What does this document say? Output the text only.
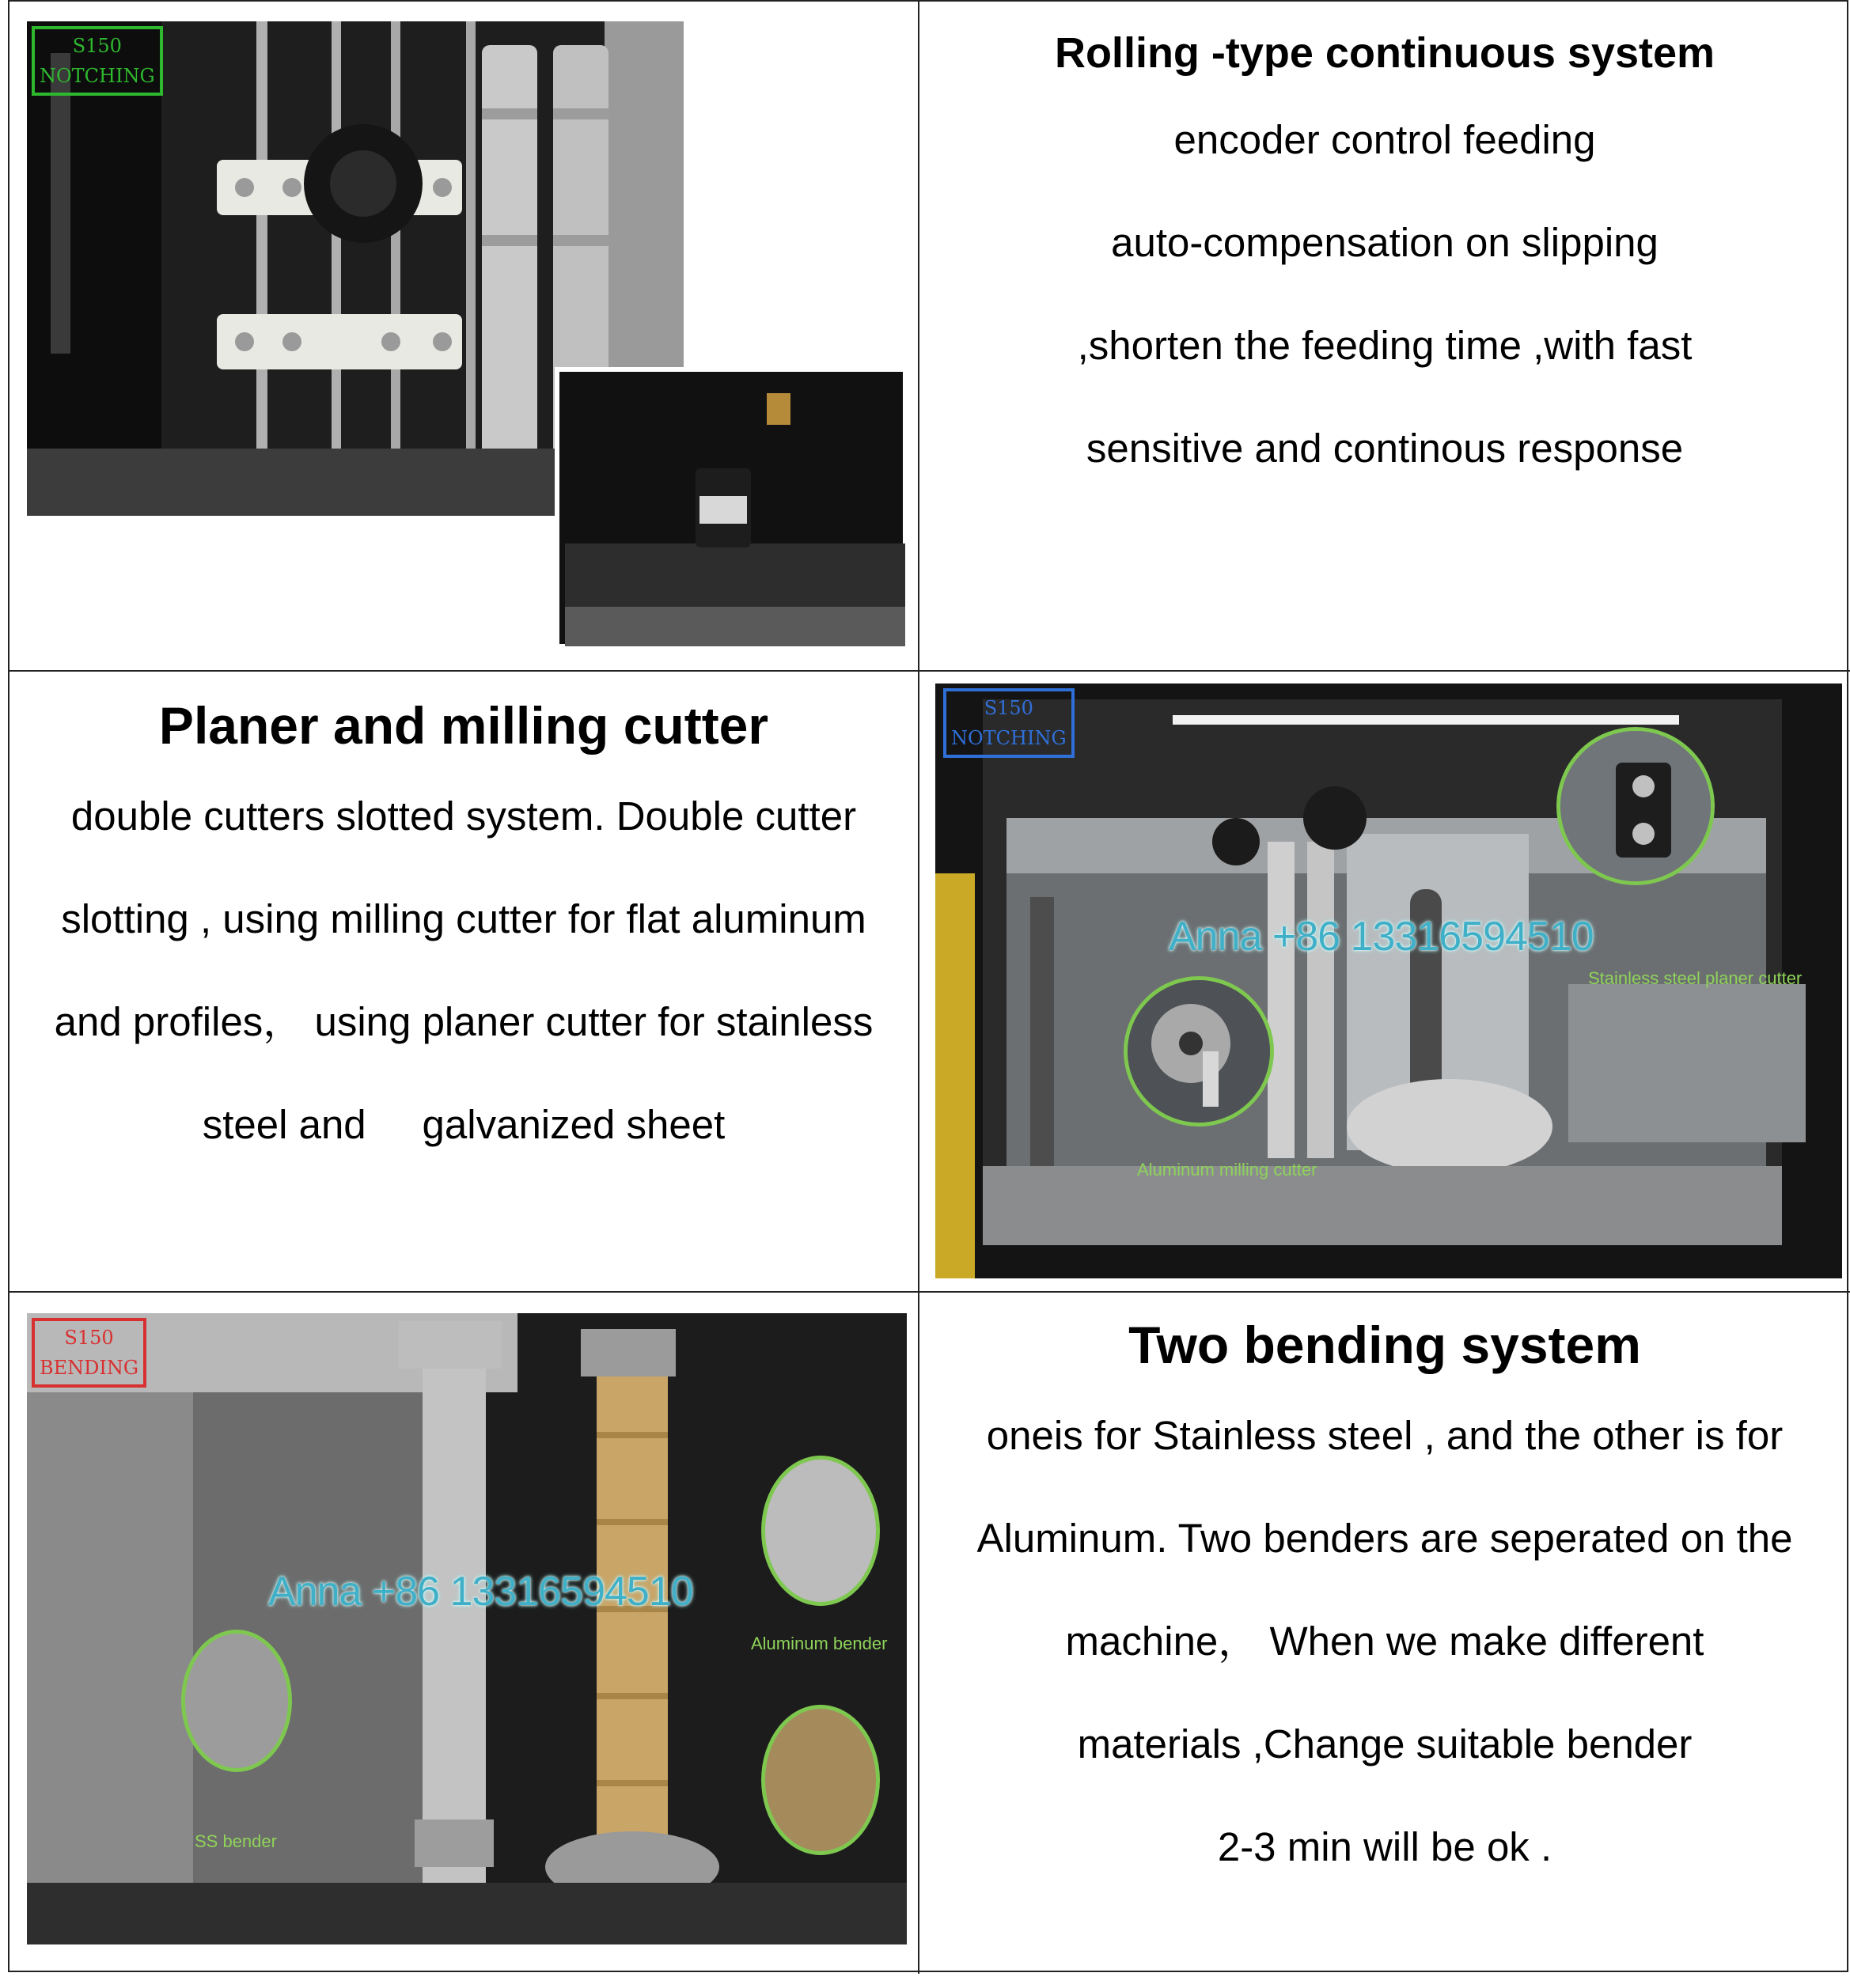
S150
NOTCHING	Rolling -type continuous system

encoder control feeding

auto-compensation on slipping

,shorten the feeding time ,with fast

sensitive and continous response

Planer and milling cutter

double cutters slotted system. Double cutter

slotting , using milling cutter for flat aluminum

and profiles， using planer cutter for stainless

steel and     galvanized sheet

Anna +86 13316594510
Stainless steel planer cutter
Aluminum milling cutter
S150
NOTCHING
Anna +86 13316594510
Aluminum bender
SS bender
S150
BENDING	Two bending system

oneis for Stainless steel , and the other is for

Aluminum. Two benders are seperated on the

machine， When we make different

materials ,Change suitable bender

2-3 min will be ok .
